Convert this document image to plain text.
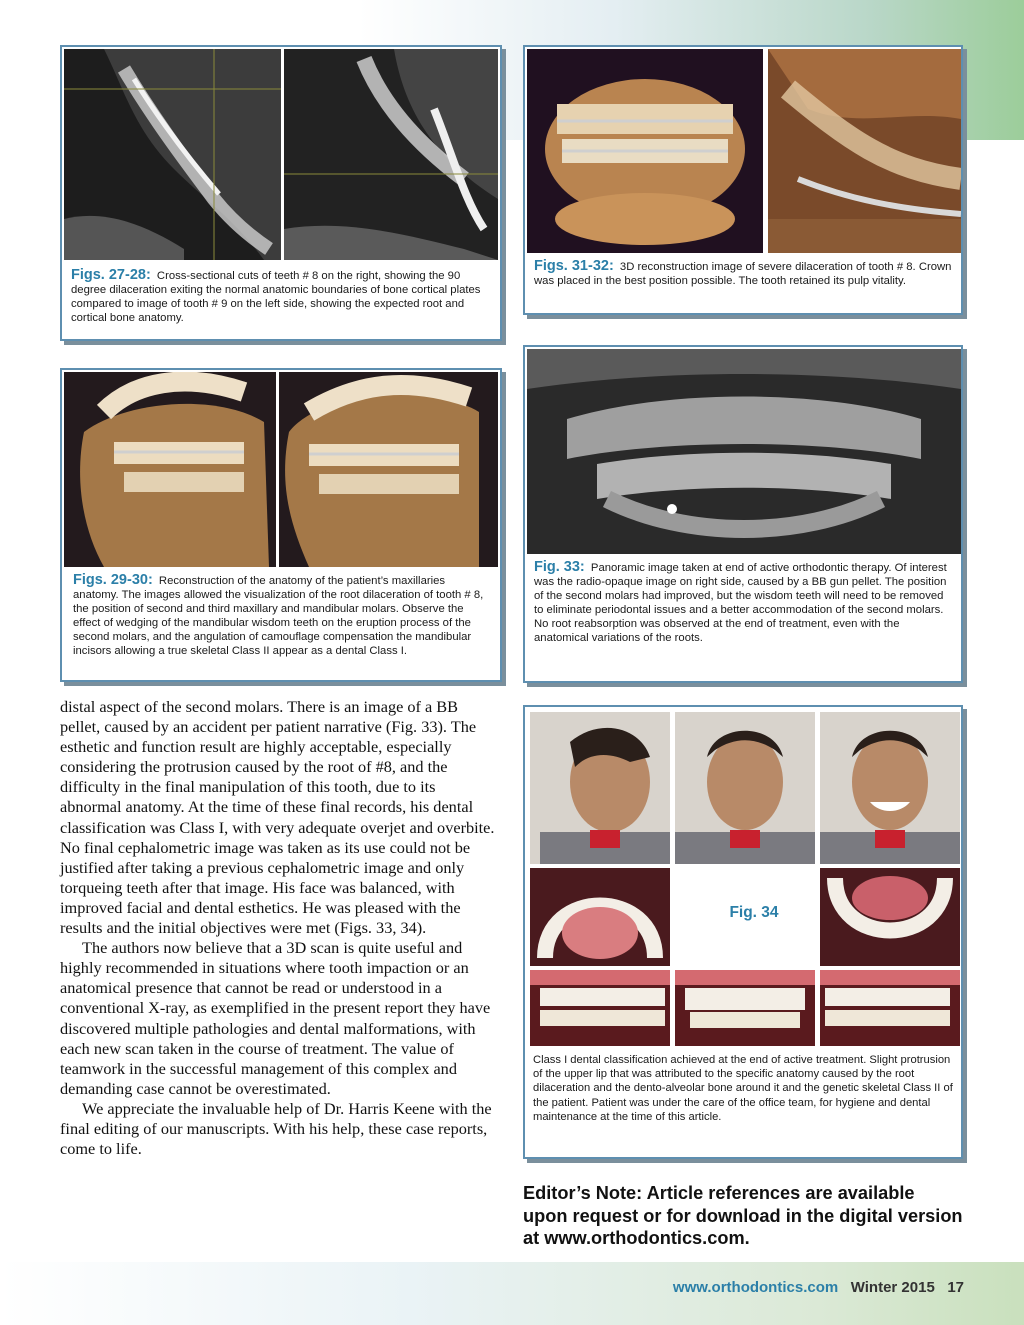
Figs. 27-28: Cross-sectional cuts of teeth # 8 on the right, showing the 90 degree dilaceration exiting the normal anatomic boundaries of bone cortical plates compared to image of tooth # 9 on the left side, showing the expected root and cortical bone anatomy.
Figs. 31-32: 3D reconstruction image of severe dilaceration of tooth # 8. Crown was placed in the best position possible. The tooth retained its pulp vitality.
Figs. 29-30: Reconstruction of the anatomy of the patient’s maxillaries anatomy. The images allowed the visualization of the root dilaceration of tooth # 8, the position of second and third maxillary and mandibular molars. Observe the effect of wedging of the mandibular wisdom teeth on the eruption process of the second molars, and the angulation of camouflage compensation the mandibular incisors allowing a true skeletal Class II appear as a dental Class I.
Fig. 33: Panoramic image taken at end of active orthodontic therapy. Of interest was the radio-opaque image on right side, caused by a BB gun pellet. The position of the second molars had improved, but the wisdom teeth will need to be removed to eliminate periodontal issues and a better accommodation of the second molars. No root reabsorption was observed at the end of treatment, even with the anatomical variations of the roots.
Fig. 34
Class I dental classification achieved at the end of active treatment. Slight protrusion of the upper lip that was attributed to the specific anatomy caused by the root dilaceration and the dento-alveolar bone around it and the genetic skeletal Class II of the patient. Patient was under the care of the office team, for hygiene and dental maintenance at the time of this article.

distal aspect of the second molars. There is an image of a BB pellet, caused by an accident per patient narrative (Fig. 33). The esthetic and function result are highly acceptable, especially considering the protrusion caused by the root of #8, and the difficulty in the final manipulation of this tooth, due to its abnormal anatomy. At the time of these final records, his dental classification was Class I, with very adequate overjet and overbite. No final cephalometric image was taken as its use could not be justified after taking a previous cephalometric image and only torqueing teeth after that image. His face was balanced, with improved facial and dental esthetics. He was pleased with the results and the initial objectives were met (Figs. 33, 34).

The authors now believe that a 3D scan is quite useful and highly recommended in situations where tooth impaction or an anatomical presence that cannot be read or understood in a conventional X-ray, as exemplified in the present report they have discovered multiple pathologies and dental malformations, with each new scan taken in the course of treatment. The value of teamwork in the successful management of this complex and demanding case cannot be overestimated.

We appreciate the invaluable help of Dr. Harris Keene with the final editing of our manuscripts. With his help, these case reports, come to life.

Editor’s Note: Article references are available upon request or for download in the digital version at www.orthodontics.com.
www.orthodontics.com Winter 2015 17
